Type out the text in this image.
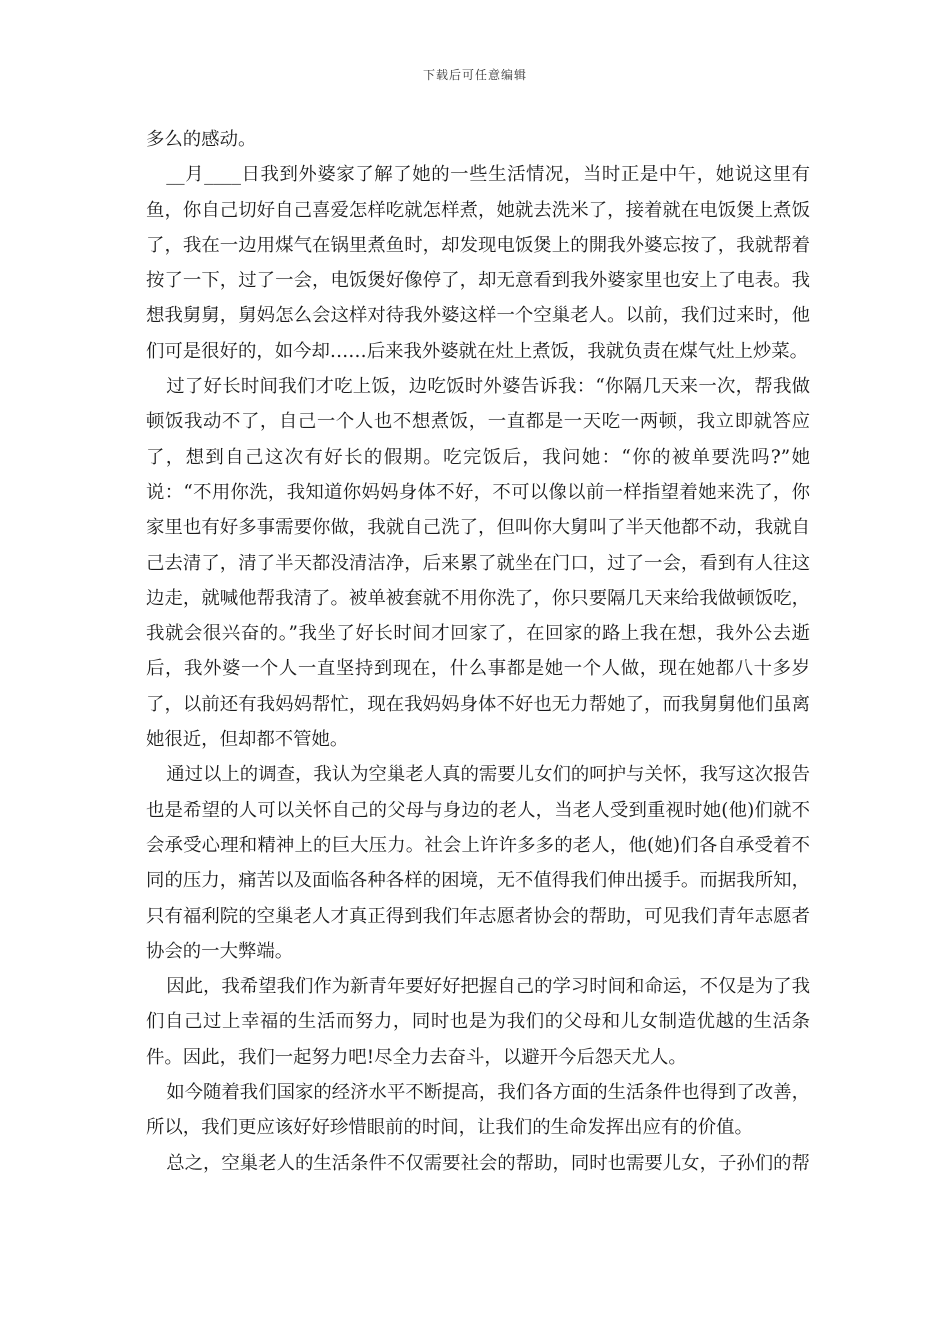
下载后可任意编辑

多么的感动。

__月____日我到外婆家了解了她的一些生活情况，当时正是中午，她说这里有鱼，你自己切好自己喜爱怎样吃就怎样煮，她就去洗米了，接着就在电饭煲上煮饭了，我在一边用煤气在锅里煮鱼时，却发现电饭煲上的開我外婆忘按了，我就帮着按了一下，过了一会，电饭煲好像停了，却无意看到我外婆家里也安上了电表。我想我舅舅，舅妈怎么会这样对待我外婆这样一个空巢老人。以前，我们过来时，他们可是很好的，如今却……后来我外婆就在灶上煮饭，我就负责在煤气灶上炒菜。

过了好长时间我们才吃上饭，边吃饭时外婆告诉我：“你隔几天来一次，帮我做顿饭我动不了，自己一个人也不想煮饭，一直都是一天吃一两顿，我立即就答应了，想到自己这次有好长的假期。吃完饭后，我问她：“你的被单要洗吗?”她说：“不用你洗，我知道你妈妈身体不好，不可以像以前一样指望着她来洗了，你家里也有好多事需要你做，我就自己洗了，但叫你大舅叫了半天他都不动，我就自己去清了，清了半天都没清洁净，后来累了就坐在门口，过了一会，看到有人往这边走，就喊他帮我清了。被单被套就不用你洗了，你只要隔几天来给我做顿饭吃，我就会很兴奋的。”我坐了好长时间才回家了，在回家的路上我在想，我外公去逝后，我外婆一个人一直坚持到现在，什么事都是她一个人做，现在她都八十多岁了，以前还有我妈妈帮忙，现在我妈妈身体不好也无力帮她了，而我舅舅他们虽离她很近，但却都不管她。

通过以上的调查，我认为空巢老人真的需要儿女们的呵护与关怀，我写这次报告也是希望的人可以关怀自己的父母与身边的老人，当老人受到重视时她(他)们就不会承受心理和精神上的巨大压力。社会上许许多多的老人，他(她)们各自承受着不同的压力，痛苦以及面临各种各样的困境，无不值得我们伸出援手。而据我所知，只有福利院的空巢老人才真正得到我们年志愿者协会的帮助，可见我们青年志愿者协会的一大弊端。

因此，我希望我们作为新青年要好好把握自己的学习时间和命运，不仅是为了我们自己过上幸福的生活而努力，同时也是为我们的父母和儿女制造优越的生活条件。因此，我们一起努力吧!尽全力去奋斗，以避开今后怨天尤人。

如今随着我们国家的经济水平不断提高，我们各方面的生活条件也得到了改善，所以，我们更应该好好珍惜眼前的时间，让我们的生命发挥出应有的价值。

总之，空巢老人的生活条件不仅需要社会的帮助，同时也需要儿女，子孙们的帮
